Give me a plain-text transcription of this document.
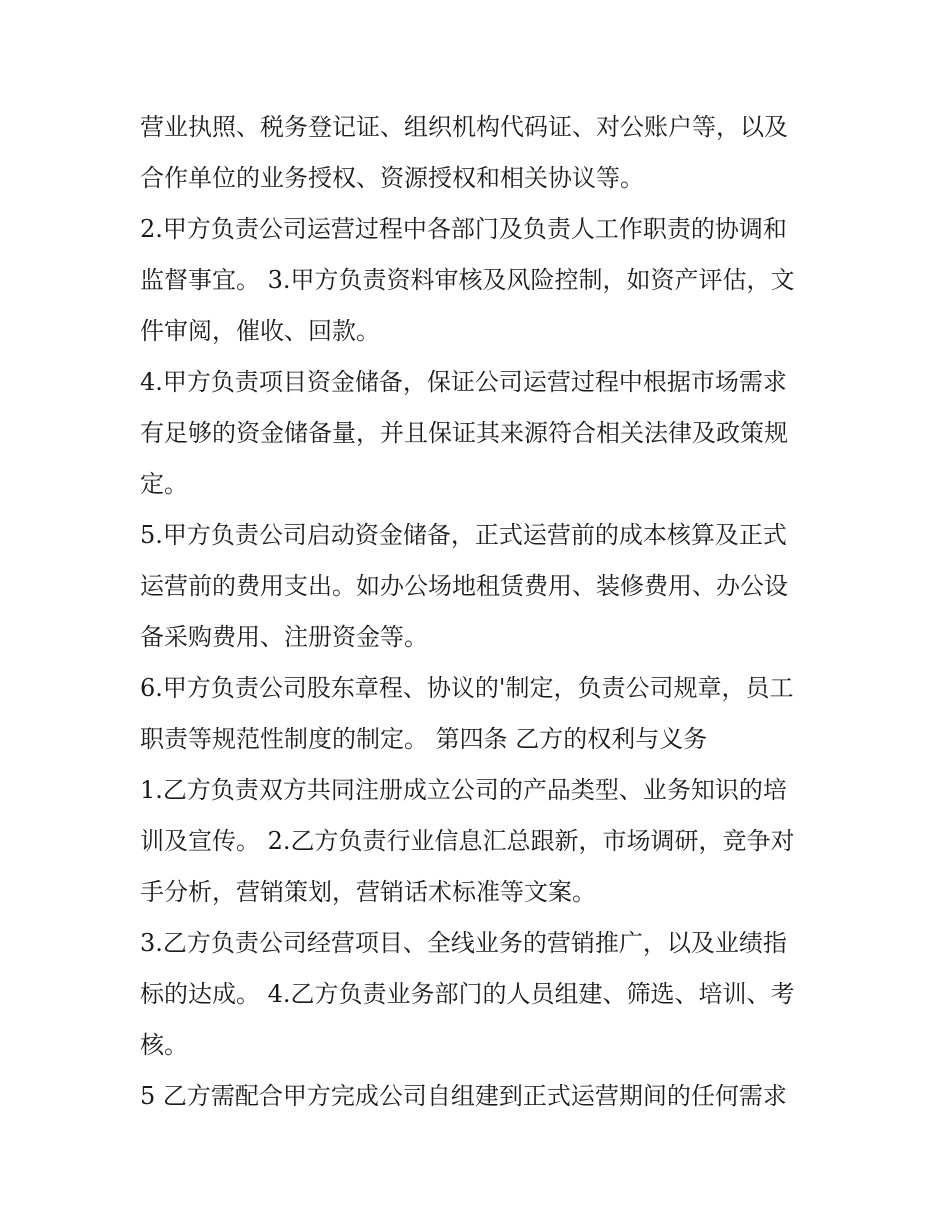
营业执照、税务登记证、组织机构代码证、对公账户等，以及
合作单位的业务授权、资源授权和相关协议等。
2.甲方负责公司运营过程中各部门及负责人工作职责的协调和
监督事宜。 3.甲方负责资料审核及风险控制，如资产评估，文
件审阅，催收、回款。
4.甲方负责项目资金储备，保证公司运营过程中根据市场需求
有足够的资金储备量，并且保证其来源符合相关法律及政策规
定。
5.甲方负责公司启动资金储备，正式运营前的成本核算及正式
运营前的费用支出。如办公场地租赁费用、装修费用、办公设
备采购费用、注册资金等。
6.甲方负责公司股东章程、协议的'制定，负责公司规章，员工
职责等规范性制度的制定。 第四条 乙方的权利与义务
1.乙方负责双方共同注册成立公司的产品类型、业务知识的培
训及宣传。 2.乙方负责行业信息汇总跟新，市场调研，竞争对
手分析，营销策划，营销话术标准等文案。
3.乙方负责公司经营项目、全线业务的营销推广，以及业绩指
标的达成。 4.乙方负责业务部门的人员组建、筛选、培训、考
核。
5 乙方需配合甲方完成公司自组建到正式运营期间的任何需求
